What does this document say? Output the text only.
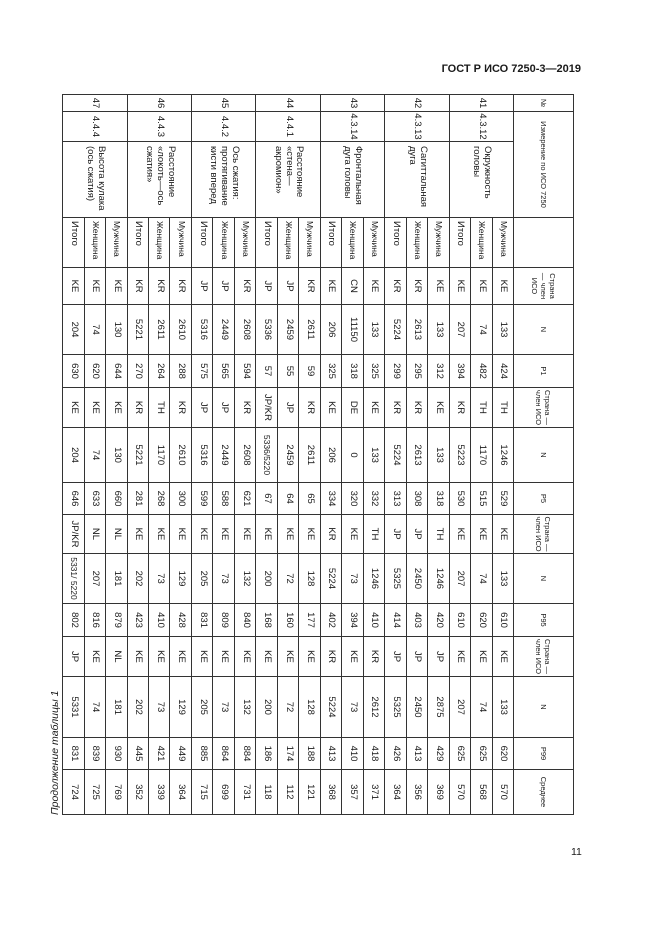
ГОСТ Р ИСО 7250-3—2019
Продолжение таблицы 1
11
№	Измерение по ИСО 7250			Страна — член ИСО	N	P1	Страна — член ИСО	N	P5	Страна — член ИСО	N	P95	Страна — член ИСО	N	P99	Среднее
41	4.3.12	Окружность головы	Мужчина	KE	133	424	TH	1246	529	KE	133	610	KE	133	620	570
			Женщина	KE	74	482	TH	1170	515	KE	74	620	KE	74	625	568
			Итого	KE	207	394	KR	5223	530	KE	207	610	KE	207	625	570
42	4.3.13	Сагиттальная дуга	Мужчина	KE	133	312	KE	133	318	TH	1246	420	JP	2875	429	369
			Женщина	KR	2613	295	KR	2613	308	JP	2450	403	JP	2450	413	356
			Итого	KR	5224	299	KR	5224	313	JP	5325	414	JP	5325	426	364
43	4.3.14	Фронтальная дуга головы	Мужчина	KE	133	325	KE	133	332	TH	1246	410	KR	2612	418	371
			Женщина	CN	11150	318	DE	0	320	KE	73	394	KE	73	410	357
			Итого	KE	206	325	KE	206	334	KR	5224	402	KR	5224	413	368
44	4.4.1	Расстояние «стена—акромион»	Мужчина	KR	2611	59	KR	2611	65	KE	128	177	KE	128	188	121
			Женщина	JP	2459	55	JP	2459	64	KE	72	160	KE	72	174	112
			Итого	JP	5336	57	JP/KR	5336/5220	67	KE	200	168	KE	200	186	118
45	4.4.2	Ось сжатия: протягивание кисти вперед	Мужчина	KR	2608	594	KR	2608	621	KE	132	840	KE	132	884	731
			Женщина	JP	2449	565	JP	2449	588	KE	73	809	KE	73	864	699
			Итого	JP	5316	575	JP	5316	599	KE	205	831	KE	205	885	715
46	4.4.3	Расстояние «локоть—ось сжатия»	Мужчина	KR	2610	288	KR	2610	300	KE	129	428	KE	129	449	364
			Женщина	KR	2611	264	TH	1170	268	KE	73	410	KE	73	421	339
			Итого	KR	5221	270	KR	5221	281	KE	202	423	KE	202	445	352
47	4.4.4	Высота кулака (ось сжатия)	Мужчина	KE	130	644	KE	130	660	NL	181	879	NL	181	930	769
			Женщина	KE	74	620	KE	74	633	NL	207	816	KE	74	839	725
			Итого	KE	204	630	KE	204	646	JP/KR	5331/ 5220	802	JP	5331	831	724
